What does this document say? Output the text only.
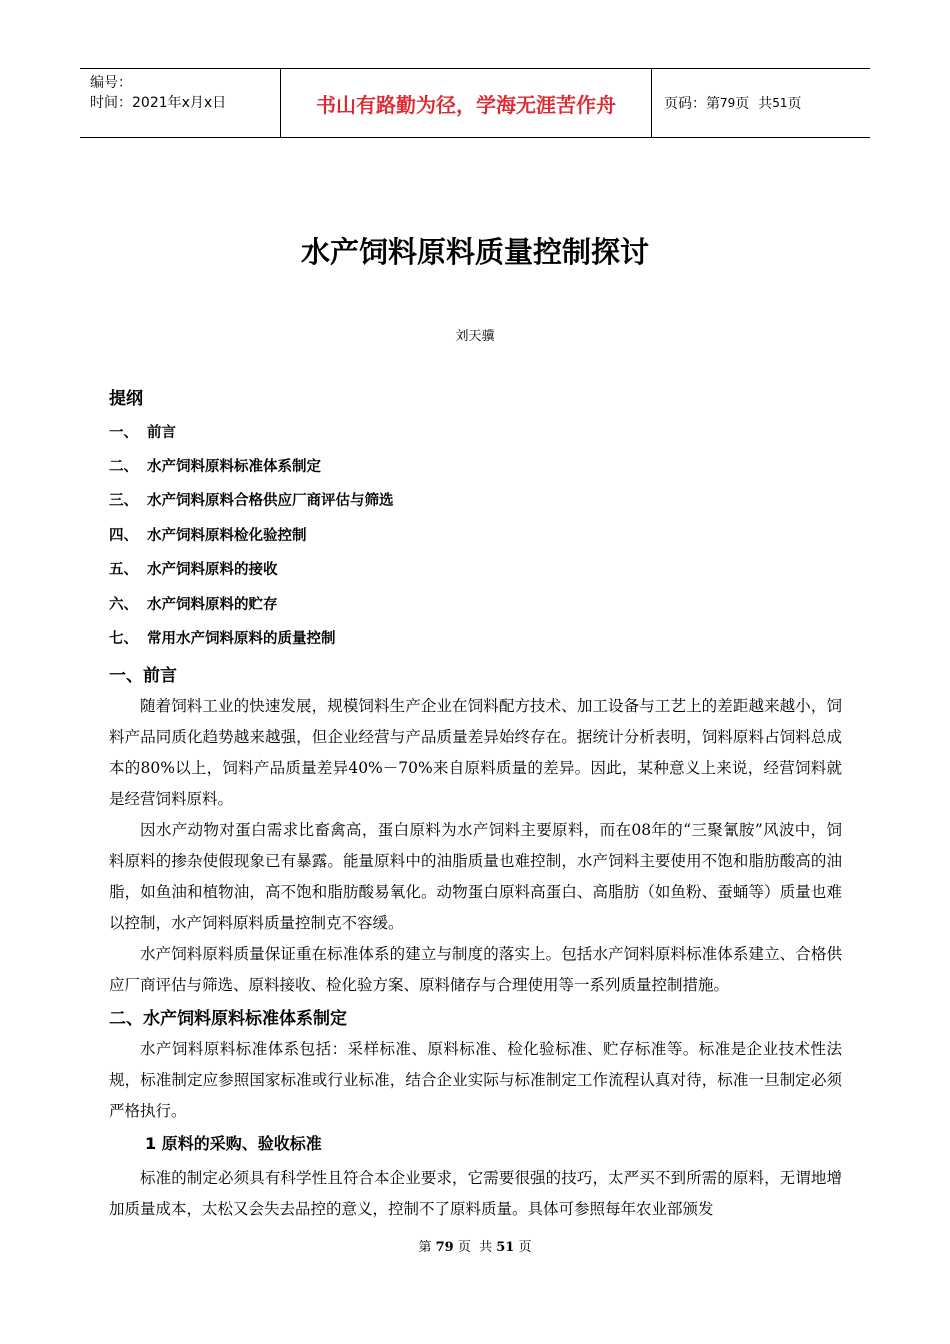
编号：
时间：2021年x月x日	书山有路勤为径，学海无涯苦作舟	页码：第 79 页  共 51 页
水产饲料原料质量控制探讨
刘天骥
提纲
一、 前言
二、 水产饲料原料标准体系制定
三、 水产饲料原料合格供应厂商评估与筛选
四、 水产饲料原料检化验控制
五、 水产饲料原料的接收
六、 水产饲料原料的贮存
七、 常用水产饲料原料的质量控制
一、前言
随着饲料工业的快速发展，规模饲料生产企业在饲料配方技术、加工设备与工艺上的差距越来越小，饲料产品同质化趋势越来越强，但企业经营与产品质量差异始终存在。据统计分析表明，饲料原料占饲料总成本的80%以上，饲料产品质量差异40%－70%来自原料质量的差异。因此，某种意义上来说，经营饲料就是经营饲料原料。
因水产动物对蛋白需求比畜禽高，蛋白原料为水产饲料主要原料，而在08年的“三聚氰胺”风波中，饲料原料的掺杂使假现象已有暴露。能量原料中的油脂质量也难控制，水产饲料主要使用不饱和脂肪酸高的油脂，如鱼油和植物油，高不饱和脂肪酸易氧化。动物蛋白原料高蛋白、高脂肪（如鱼粉、蚕蛹等）质量也难以控制，水产饲料原料质量控制克不容缓。
水产饲料原料质量保证重在标准体系的建立与制度的落实上。包括水产饲料原料标准体系建立、合格供应厂商评估与筛选、原料接收、检化验方案、原料储存与合理使用等一系列质量控制措施。
二、水产饲料原料标准体系制定
水产饲料原料标准体系包括：采样标准、原料标准、检化验标准、贮存标准等。标准是企业技术性法规，标准制定应参照国家标准或行业标准，结合企业实际与标准制定工作流程认真对待，标准一旦制定必须严格执行。
1 原料的采购、验收标准
标准的制定必须具有科学性且符合本企业要求，它需要很强的技巧，太严买不到所需的原料，无谓地增加质量成本，太松又会失去品控的意义，控制不了原料质量。具体可参照每年农业部颁发
第 79 页  共 51 页
